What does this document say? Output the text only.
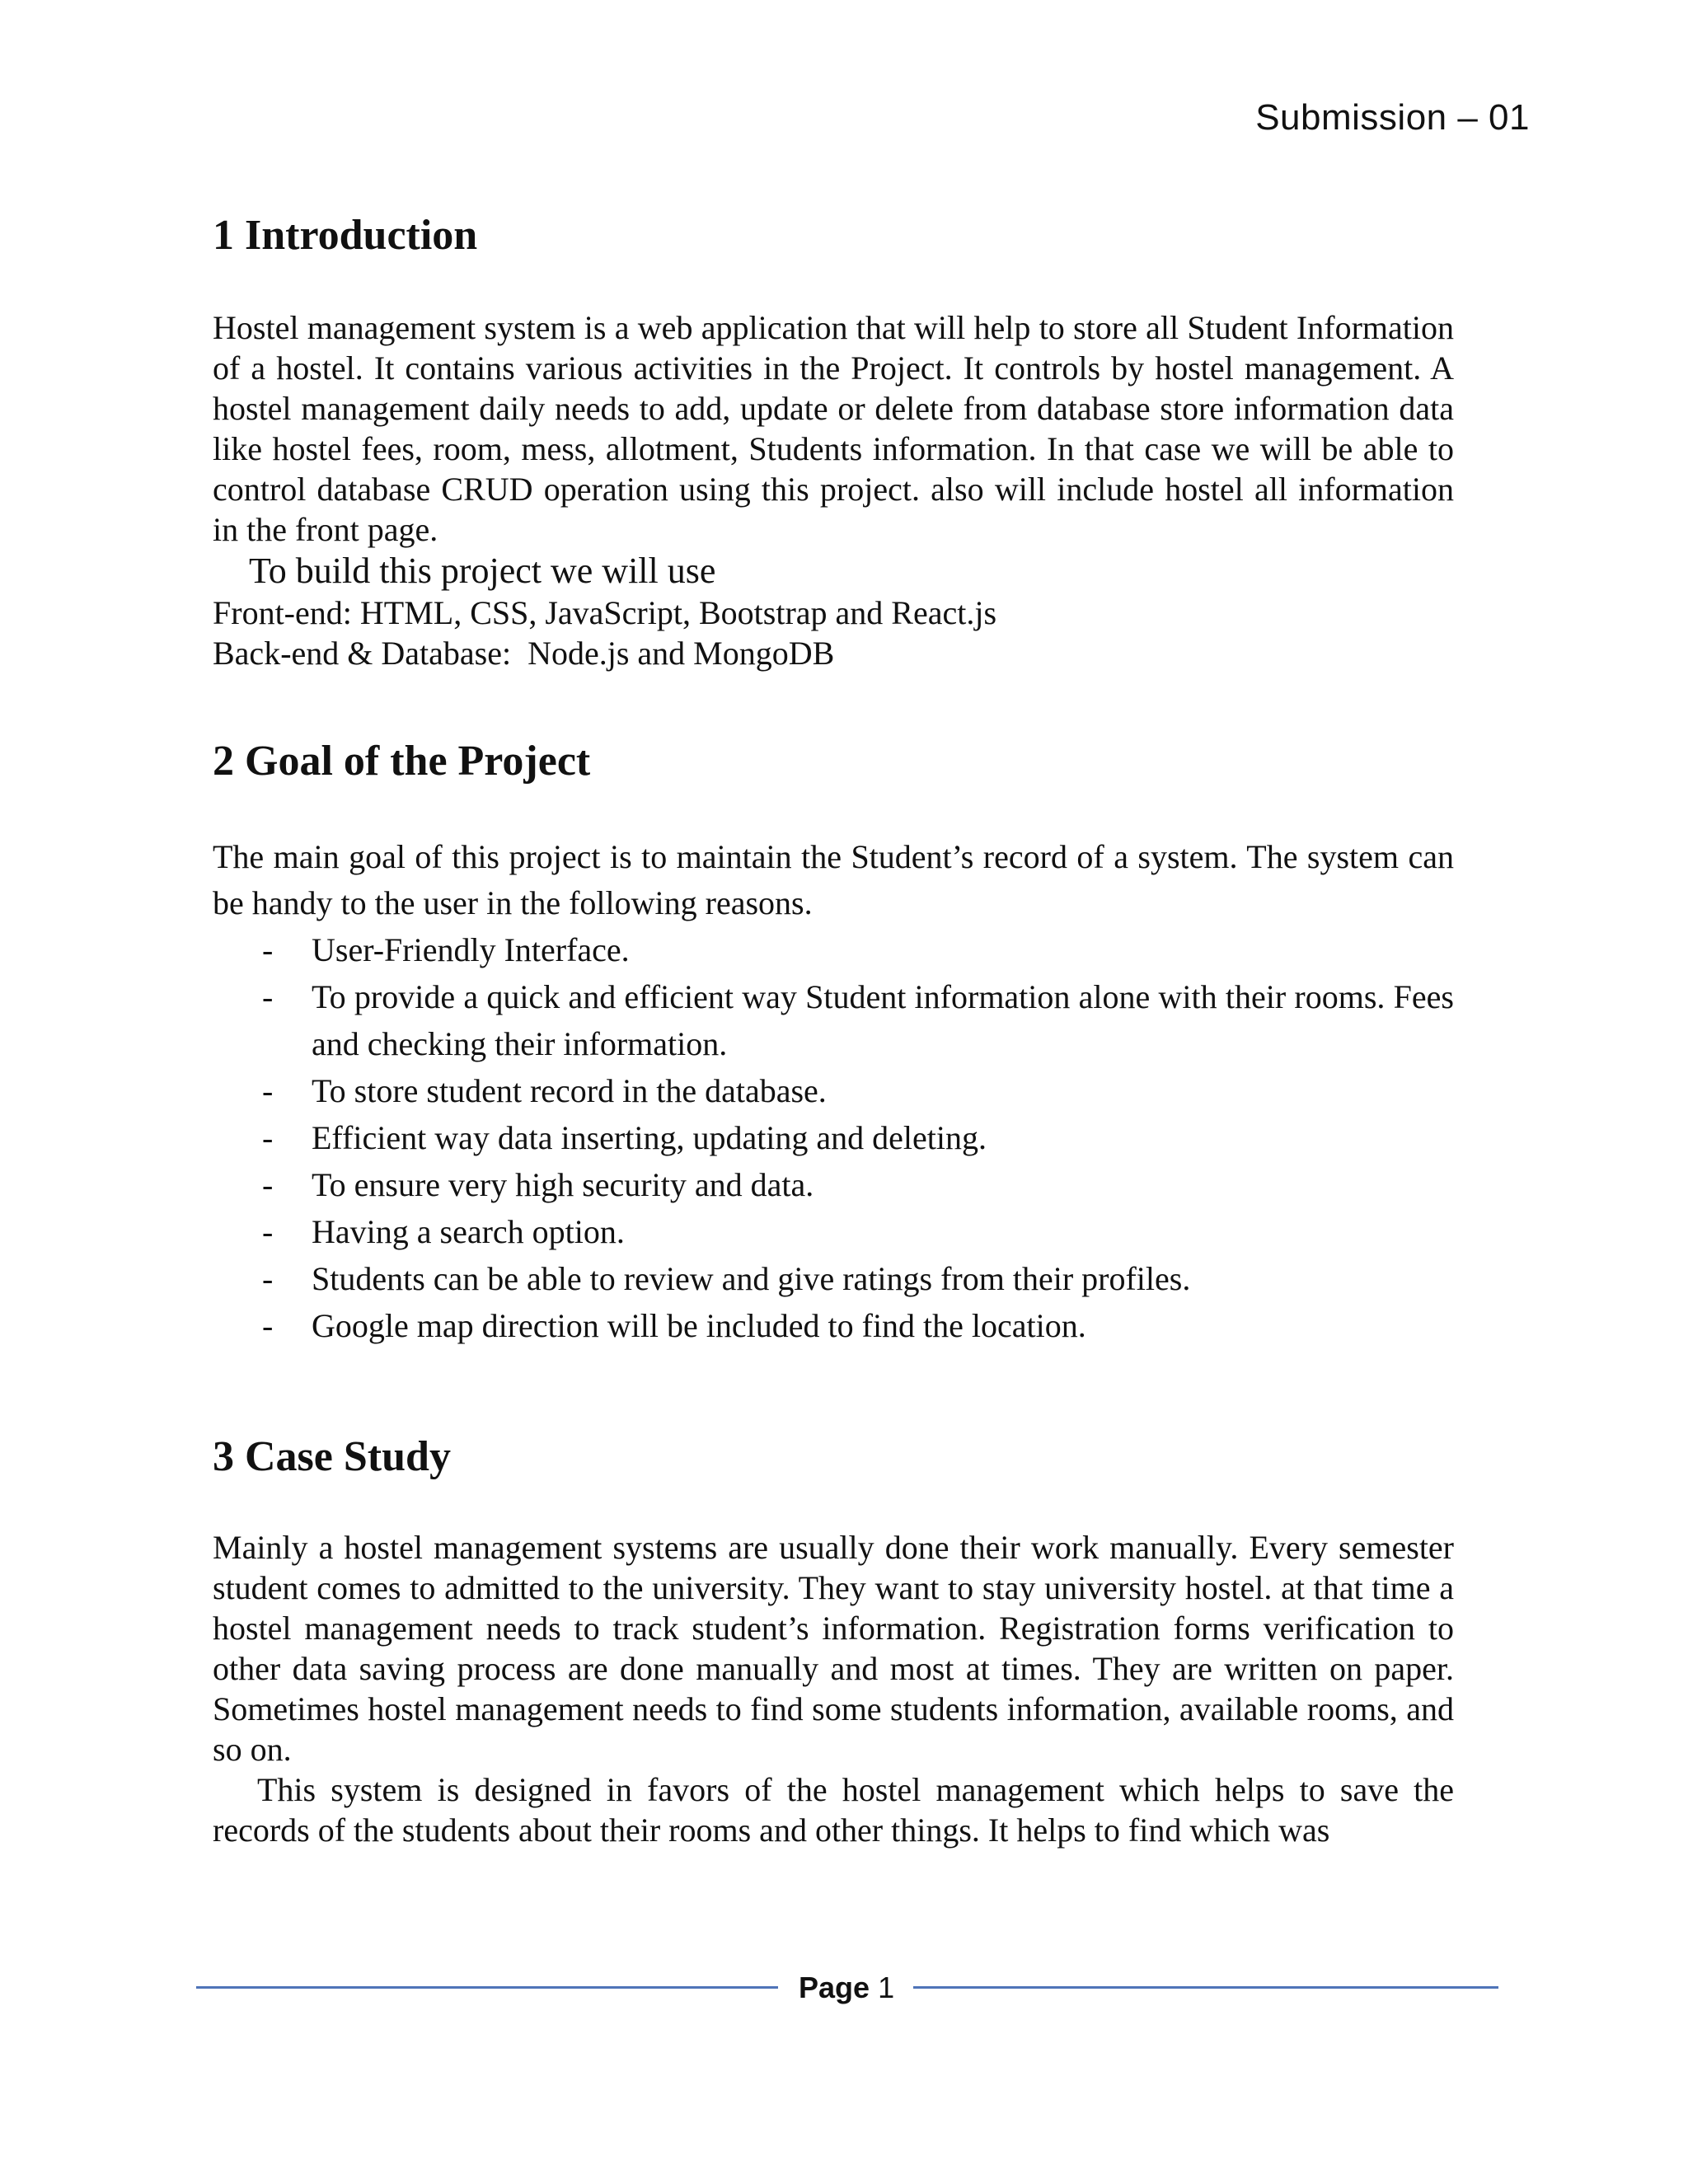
Submission – 01
1 Introduction

Hostel management system is a web application that will help to store all Student Information of a hostel. It contains various activities in the Project. It controls by hostel management. A hostel management daily needs to add, update or delete from database store information data like hostel fees, room, mess, allotment, Students information. In that case we will be able to control database CRUD operation using this project. also will include hostel all information in the front page.

To build this project we will use
Front-end: HTML, CSS, JavaScript, Bootstrap and React.js
Back-end & Database:  Node.js and MongoDB
2 Goal of the Project

The main goal of this project is to maintain the Student’s record of a system. The system can be handy to the user in the following reasons.

- User-Friendly Interface.
- To provide a quick and efficient way Student information alone with their rooms. Fees and checking their information.
- To store student record in the database.
- Efficient way data inserting, updating and deleting.
- To ensure very high security and data.
- Having a search option.
- Students can be able to review and give ratings from their profiles.
- Google map direction will be included to find the location.
3 Case Study

Mainly a hostel management systems are usually done their work manually. Every semester student comes to admitted to the university. They want to stay university hostel. at that time a hostel management needs to track student’s information. Registration forms verification to other data saving process are done manually and most at times. They are written on paper. Sometimes hostel management needs to find some students information, available rooms, and so on.

This system is designed in favors of the hostel management which helps to save the records of the students about their rooms and other things. It helps to find which was

Page 1
